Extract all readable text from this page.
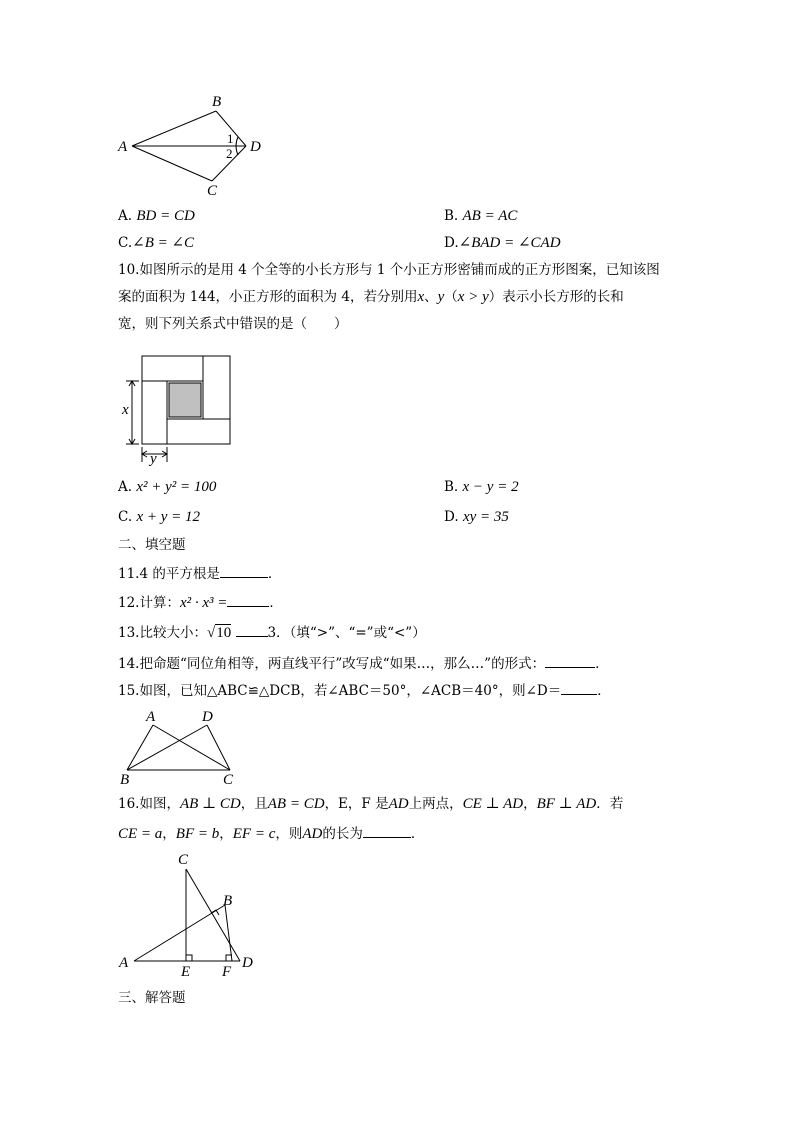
A
B
C
D
1
2
A. BD = CD	B. AB = AC
C.∠B = ∠C	D.∠BAD = ∠CAD
10.如图所示的是用 4 个全等的小长方形与 1 个小正方形密铺而成的正方形图案，已知该图
案的面积为 144，小正方形的面积为 4，若分别用x、y（x > y）表示小长方形的长和
宽，则下列关系式中错误的是（　　）
x
y
A. x² + y² = 100	B. x − y = 2
C. x + y = 12	D. xy = 35
二、填空题
11.4 的平方根是	．
12.计算：x² · x³ =	．
13.比较大小：√10	3．（填“>”、“=”或“<”）
14.把命题“同位角相等，两直线平行”改写成“如果…，那么…”的形式：	．
15.如图，已知△ABC≌△DCB，若∠ABC＝50°，∠ACB＝40°，则∠D＝	．
A	D
B	C
16.如图，AB ⊥ CD，且AB = CD，E，F 是AD上两点，CE ⊥ AD，BF ⊥ AD．若
CE = a，BF = b，EF = c，则AD的长为	．
C
B
A	D
E F
三、解答题
